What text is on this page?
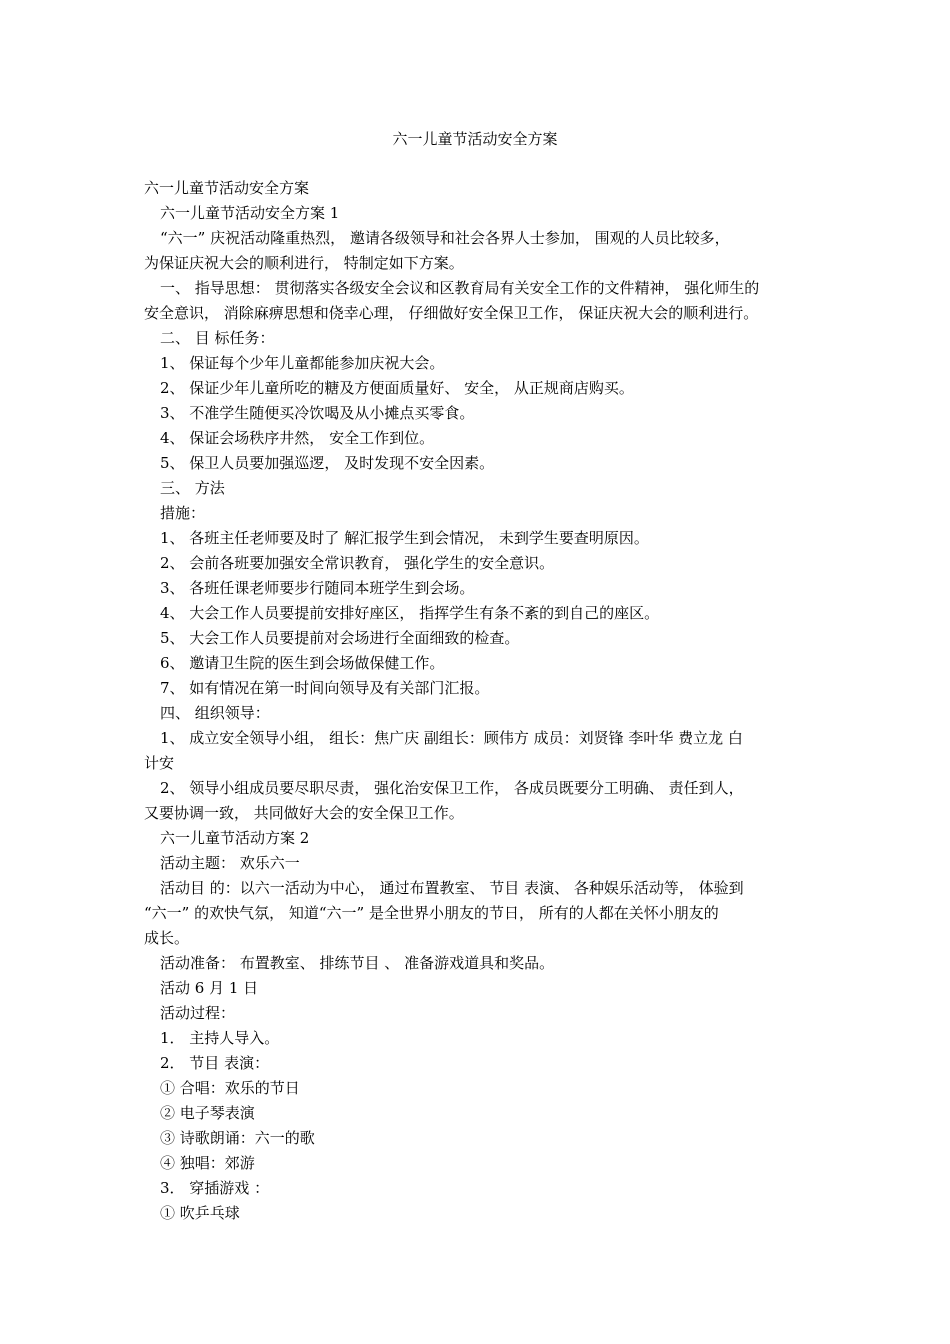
六一儿童节活动安全方案
六一儿童节活动安全方案
六一儿童节活动安全方案 1
“六一” 庆祝活动隆重热烈， 邀请各级领导和社会各界人士参加， 围观的人员比较多，
为保证庆祝大会的顺利进行， 特制定如下方案。
一、 指导思想： 贯彻落实各级安全会议和区教育局有关安全工作的文件精神， 强化师生的
安全意识， 消除麻痹思想和侥幸心理， 仔细做好安全保卫工作， 保证庆祝大会的顺利进行。
二、 目 标任务：
1、 保证每个少年儿童都能参加庆祝大会。
2、 保证少年儿童所吃的糖及方便面质量好、 安全， 从正规商店购买。
3、 不准学生随便买冷饮喝及从小摊点买零食。
4、 保证会场秩序井然， 安全工作到位。
5、 保卫人员要加强巡逻， 及时发现不安全因素。
三、 方法
措施：
1、 各班主任老师要及时了 解汇报学生到会情况， 未到学生要查明原因。
2、 会前各班要加强安全常识教育， 强化学生的安全意识。
3、 各班任课老师要步行随同本班学生到会场。
4、 大会工作人员要提前安排好座区， 指挥学生有条不紊的到自己的座区。
5、 大会工作人员要提前对会场进行全面细致的检查。
6、 邀请卫生院的医生到会场做保健工作。
7、 如有情况在第一时间向领导及有关部门汇报。
四、 组织领导：
1、 成立安全领导小组， 组长：焦广庆 副组长：顾伟方 成员：刘贤锋 李叶华 费立龙 白
计安
2、 领导小组成员要尽职尽责， 强化治安保卫工作， 各成员既要分工明确、 责任到人，
又要协调一致， 共同做好大会的安全保卫工作。
六一儿童节活动方案 2
活动主题： 欢乐六一
活动目 的：以六一活动为中心， 通过布置教室、 节目 表演、 各种娱乐活动等， 体验到
“六一” 的欢快气氛， 知道“六一” 是全世界小朋友的节日， 所有的人都在关怀小朋友的
成长。
活动准备： 布置教室、 排练节目 、 准备游戏道具和奖品。
活动 6 月 1 日
活动过程：
1． 主持人导入。
2． 节目 表演：
① 合唱：欢乐的节日
② 电子琴表演
③ 诗歌朗诵：六一的歌
④ 独唱：郊游
3． 穿插游戏 ：
① 吹乒乓球
